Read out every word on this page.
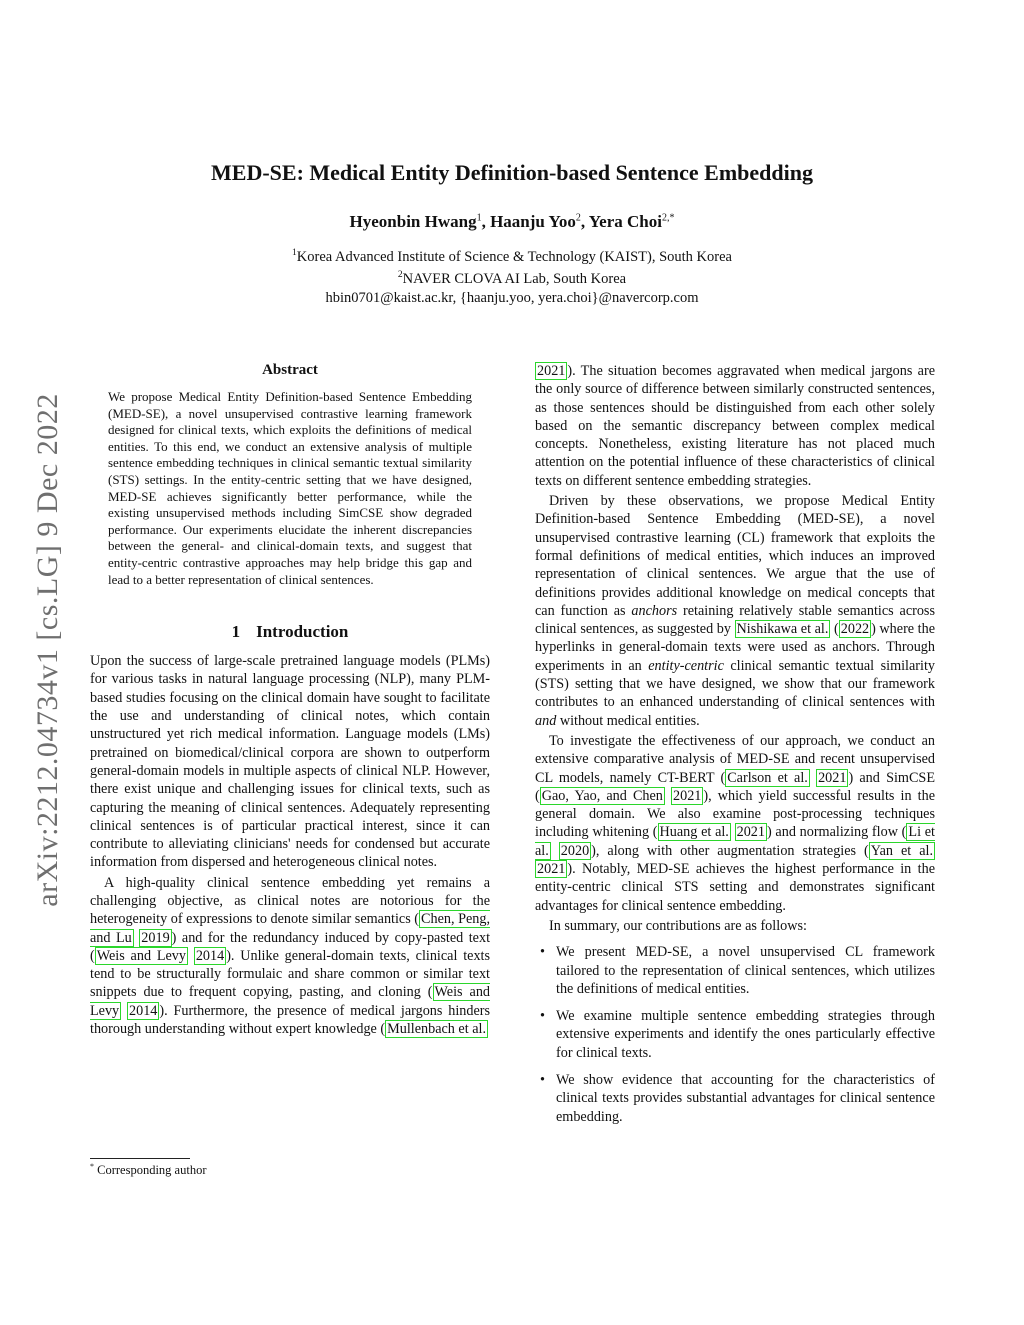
arXiv:2212.04734v1 [cs.LG] 9 Dec 2022
MED-SE: Medical Entity Definition-based Sentence Embedding
Hyeonbin Hwang$^1$, Haanju Yoo$^2$, Yera Choi$^{2,*}$
$^1$Korea Advanced Institute of Science & Technology (KAIST), South Korea
$^2$NAVER CLOVA AI Lab, South Korea
hbin0701@kaist.ac.kr, {haanju.yoo, yera.choi}@navercorp.com
Abstract
We propose Medical Entity Definition-based Sentence Embedding (MED-SE), a novel unsupervised contrastive learning framework designed for clinical texts, which exploits the definitions of medical entities. To this end, we conduct an extensive analysis of multiple sentence embedding techniques in clinical semantic textual similarity (STS) settings. In the entity-centric setting that we have designed, MED-SE achieves significantly better performance, while the existing unsupervised methods including SimCSE show degraded performance. Our experiments elucidate the inherent discrepancies between the general- and clinical-domain texts, and suggest that entity-centric contrastive approaches may help bridge this gap and lead to a better representation of clinical sentences.
1 Introduction

Upon the success of large-scale pretrained language models (PLMs) for various tasks in natural language processing (NLP), many PLM-based studies focusing on the clinical domain have sought to facilitate the use and understanding of clinical notes, which contain unstructured yet rich medical information. Language models (LMs) pretrained on biomedical/clinical corpora are shown to outperform general-domain models in multiple aspects of clinical NLP. However, there exist unique and challenging issues for clinical texts, such as capturing the meaning of clinical sentences. Adequately representing clinical sentences is of particular practical interest, since it can contribute to alleviating clinicians' needs for condensed but accurate information from dispersed and heterogeneous clinical notes.

A high-quality clinical sentence embedding yet remains a challenging objective, as clinical notes are notorious for the heterogeneity of expressions to denote similar semantics ( Chen, Peng, and Lu 2019 ) and for the redundancy induced by copy-pasted text ( Weis and Levy 2014 ). Unlike general-domain texts, clinical texts tend to be structurally formulaic and share common or similar text snippets due to frequent copying, pasting, and cloning ( Weis and Levy 2014 ). Furthermore, the presence of medical jargons hinders thorough understanding without expert knowledge ( Mullenbach et al.

2021 ). The situation becomes aggravated when medical jargons are the only source of difference between similarly constructed sentences, as those sentences should be distinguished from each other solely based on the semantic discrepancy between complex medical concepts. Nonetheless, existing literature has not placed much attention on the potential influence of these characteristics of clinical texts on different sentence embedding strategies.

Driven by these observations, we propose Medical Entity Definition-based Sentence Embedding (MED-SE), a novel unsupervised contrastive learning (CL) framework that exploits the formal definitions of medical entities, which induces an improved representation of clinical sentences. We argue that the use of definitions provides additional knowledge on medical concepts that can function as anchors retaining relatively stable semantics across clinical sentences, as suggested by Nishikawa et al. ( 2022 ) where the hyperlinks in general-domain texts were used as anchors. Through experiments in an entity-centric clinical semantic textual similarity (STS) setting that we have designed, we show that our framework contributes to an enhanced understanding of clinical sentences with and without medical entities.

To investigate the effectiveness of our approach, we conduct an extensive comparative analysis of MED-SE and recent unsupervised CL models, namely CT-BERT ( Carlson et al. 2021 ) and SimCSE ( Gao, Yao, and Chen 2021 ), which yield successful results in the general domain. We also examine post-processing techniques including whitening ( Huang et al. 2021 ) and normalizing flow ( Li et al. 2020 ), along with other augmentation strategies ( Yan et al. 2021 ). Notably, MED-SE achieves the highest performance in the entity-centric clinical STS setting and demonstrates significant advantages for clinical sentence embedding.

In summary, our contributions are as follows:

• We present MED-SE, a novel unsupervised CL framework tailored to the representation of clinical sentences, which utilizes the definitions of medical entities.
• We examine multiple sentence embedding strategies through extensive experiments and identify the ones particularly effective for clinical texts.
• We show evidence that accounting for the characteristics of clinical texts provides substantial advantages for clinical sentence embedding.
* Corresponding author
